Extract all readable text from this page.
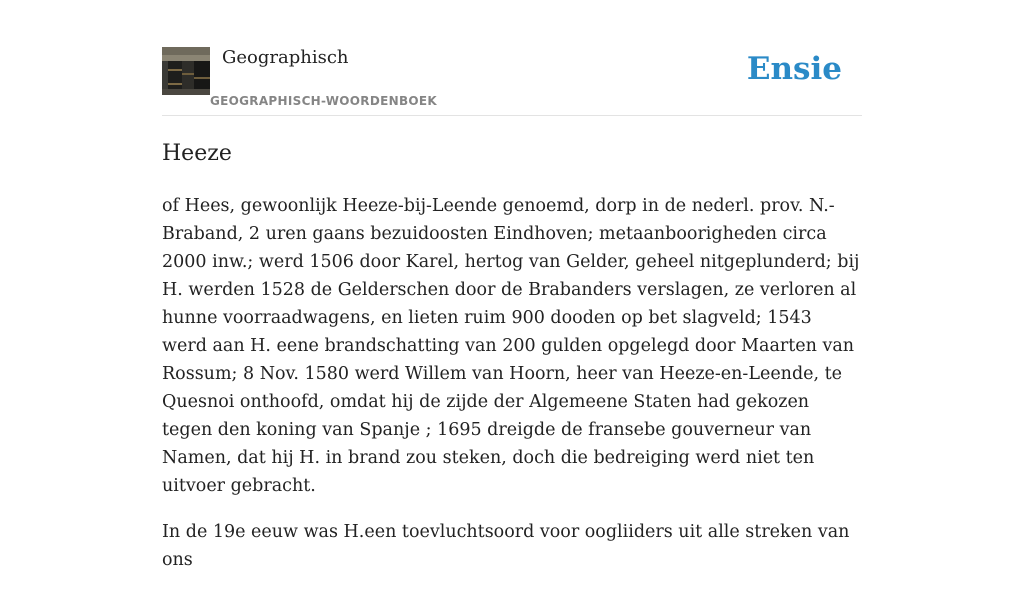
Geographisch
GEOGRAPHISCH-WOORDENBOEK
Ensie
Heeze

of Hees, gewoonlijk Heeze-bij-Leende genoemd, dorp in de nederl. prov. N.-Braband, 2 uren gaans bezuidoosten Eindhoven; metaanboorigheden circa 2000 inw.; werd 1506 door Karel, hertog van Gelder, geheel nitgeplunderd; bij H. werden 1528 de Gelderschen door de Brabanders verslagen, ze verloren al hunne voorraadwagens, en lieten ruim 900 dooden op bet slagveld; 1543 werd aan H. eene brandschatting van 200 gulden opgelegd door Maarten van Rossum; 8 Nov. 1580 werd Willem van Hoorn, heer van Heeze-en-Leende, te Quesnoi onthoofd, omdat hij de zijde der Algemeene Staten had gekozen tegen den koning van Spanje ; 1695 dreigde de fransebe gouverneur van Namen, dat hij H. in brand zou steken, doch die bedreiging werd niet ten uitvoer gebracht.

In de 19e eeuw was H.een toevluchtsoord voor oogliiders uit alle streken van ons
